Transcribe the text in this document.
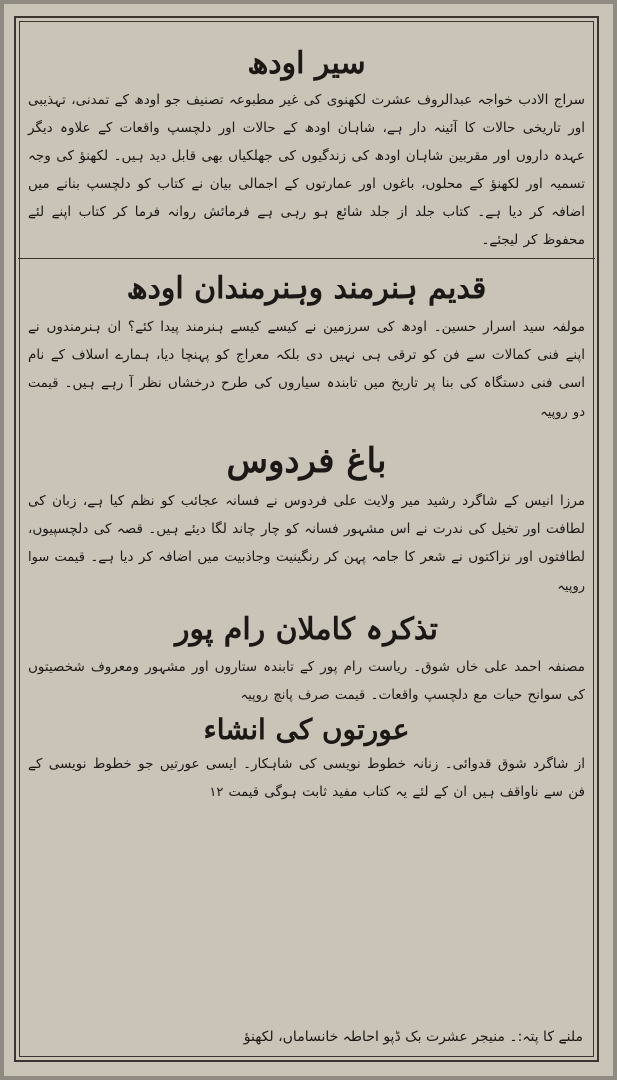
سیر اودھ

سراج الادب خواجہ عبدالروف عشرت لکھنوی کی غیر مطبوعہ تصنیف جو اودھ کے تمدنی، تہذیبی اور تاریخی حالات کا آئینہ دار ہے، شاہان اودھ کے حالات اور دلچسپ واقعات کے علاوہ دیگر عہدہ داروں اور مقربین شاہان اودھ کی زندگیوں کی جھلکیاں بھی قابل دید ہیں۔ لکھنؤ کی وجہ تسمیہ اور لکھنؤ کے محلوں، باغوں اور عمارتوں کے اجمالی بیان نے کتاب کو دلچسپ بنانے میں اضافہ کر دیا ہے۔ کتاب جلد از جلد شائع ہو رہی ہے فرمائش روانہ فرما کر کتاب اپنے لئے محفوظ کر لیجئے۔

قدیم ہنرمند وہنرمندان اودھ

مولفہ سید اسرار حسین۔ اودھ کی سرزمین نے کیسے کیسے ہنرمند پیدا کئے؟ ان ہنرمندوں نے اپنے فنی کمالات سے فن کو ترقی ہی نہیں دی بلکہ معراج کو پہنچا دیا، ہمارے اسلاف کے نام اسی فنی دستگاہ کی بنا پر تاریخ میں تابندہ سیاروں کی طرح درخشاں نظر آ رہے ہیں۔ قیمت دو روپیہ

باغ فردوس

مرزا انیس کے شاگرد رشید میر ولایت علی فردوس نے فسانہ عجائب کو نظم کیا ہے، زبان کی لطافت اور تخیل کی ندرت نے اس مشہور فسانہ کو چار چاند لگا دیئے ہیں۔ قصہ کی دلچسپیوں، لطافتوں اور نزاکتوں نے شعر کا جامہ پہن کر رنگینیت وجاذبیت میں اضافہ کر دیا ہے۔ قیمت سوا روپیہ

تذکرہ کاملان رام پور

مصنفہ احمد علی خاں شوق۔ ریاست رام پور کے تابندہ ستاروں اور مشہور ومعروف شخصیتوں کی سوانح حیات مع دلچسپ واقعات۔ قیمت صرف پانچ روپیہ

عورتوں کی انشاء

از شاگرد شوق قدوائی۔ زنانہ خطوط نویسی کی شاہکار۔ ایسی عورتیں جو خطوط نویسی کے فن سے ناواقف ہیں ان کے لئے یہ کتاب مفید ثابت ہوگی قیمت ۱۲

ملنے کا پتہ:۔ منیجر عشرت بک ڈپو احاطہ خانساماں، لکھنؤ
